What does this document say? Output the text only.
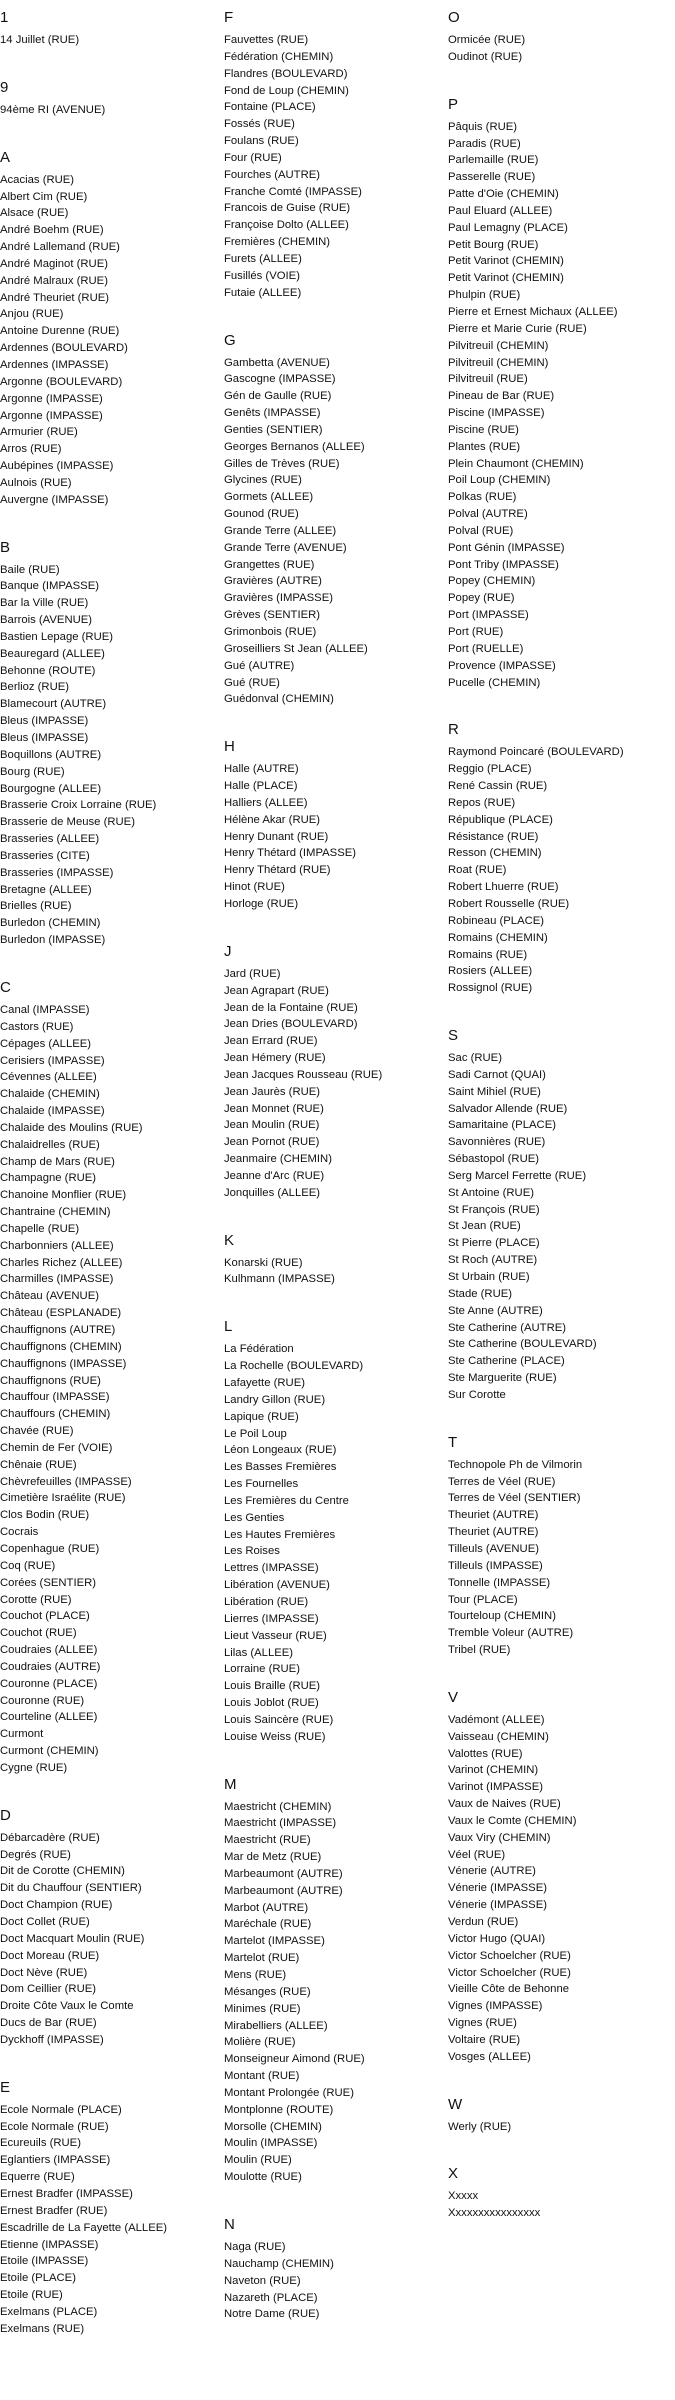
1
14 Juillet (RUE)
9
94ème RI (AVENUE)
A
Acacias (RUE)
Albert Cim (RUE)
Alsace (RUE)
André Boehm (RUE)
André Lallemand (RUE)
André Maginot (RUE)
André Malraux (RUE)
André Theuriet (RUE)
Anjou (RUE)
Antoine Durenne (RUE)
Ardennes (BOULEVARD)
Ardennes (IMPASSE)
Argonne (BOULEVARD)
Argonne (IMPASSE)
Argonne (IMPASSE)
Armurier (RUE)
Arros (RUE)
Aubépines (IMPASSE)
Aulnois (RUE)
Auvergne (IMPASSE)
B
Baile (RUE)
Banque (IMPASSE)
Bar la Ville (RUE)
Barrois (AVENUE)
Bastien Lepage (RUE)
Beauregard (ALLEE)
Behonne (ROUTE)
Berlioz (RUE)
Blamecourt (AUTRE)
Bleus (IMPASSE)
Bleus (IMPASSE)
Boquillons (AUTRE)
Bourg (RUE)
Bourgogne (ALLEE)
Brasserie Croix Lorraine (RUE)
Brasserie de Meuse (RUE)
Brasseries (ALLEE)
Brasseries (CITE)
Brasseries (IMPASSE)
Bretagne (ALLEE)
Brielles (RUE)
Burledon (CHEMIN)
Burledon (IMPASSE)
C
Canal (IMPASSE)
Castors (RUE)
Cépages (ALLEE)
Cerisiers (IMPASSE)
Cévennes (ALLEE)
Chalaide (CHEMIN)
Chalaide (IMPASSE)
Chalaide des Moulins (RUE)
Chalaidrelles (RUE)
Champ de Mars (RUE)
Champagne (RUE)
Chanoine Monflier (RUE)
Chantraine (CHEMIN)
Chapelle (RUE)
Charbonniers (ALLEE)
Charles Richez (ALLEE)
Charmilles (IMPASSE)
Château (AVENUE)
Château (ESPLANADE)
Chauffignons (AUTRE)
Chauffignons (CHEMIN)
Chauffignons (IMPASSE)
Chauffignons (RUE)
Chauffour (IMPASSE)
Chauffours (CHEMIN)
Chavée (RUE)
Chemin de Fer (VOIE)
Chênaie (RUE)
Chèvrefeuilles (IMPASSE)
Cimetière Israélite (RUE)
Clos Bodin (RUE)
Cocrais
Copenhague (RUE)
Coq (RUE)
Corées (SENTIER)
Corotte (RUE)
Couchot (PLACE)
Couchot (RUE)
Coudraies (ALLEE)
Coudraies (AUTRE)
Couronne (PLACE)
Couronne (RUE)
Courteline (ALLEE)
Curmont
Curmont (CHEMIN)
Cygne (RUE)
D
Débarcadère (RUE)
Degrés (RUE)
Dit de Corotte (CHEMIN)
Dit du Chauffour (SENTIER)
Doct Champion (RUE)
Doct Collet (RUE)
Doct Macquart Moulin (RUE)
Doct Moreau (RUE)
Doct Nève (RUE)
Dom Ceillier (RUE)
Droite Côte Vaux le Comte
Ducs de Bar (RUE)
Dyckhoff (IMPASSE)
E
Ecole Normale (PLACE)
Ecole Normale (RUE)
Ecureuils (RUE)
Eglantiers (IMPASSE)
Equerre (RUE)
Ernest Bradfer (IMPASSE)
Ernest Bradfer (RUE)
Escadrille de La Fayette (ALLEE)
Etienne (IMPASSE)
Etoile (IMPASSE)
Etoile (PLACE)
Etoile (RUE)
Exelmans (PLACE)
Exelmans (RUE)
F
Fauvettes (RUE)
Fédération (CHEMIN)
Flandres (BOULEVARD)
Fond de Loup (CHEMIN)
Fontaine (PLACE)
Fossés (RUE)
Foulans (RUE)
Four (RUE)
Fourches (AUTRE)
Franche Comté (IMPASSE)
Francois de Guise (RUE)
Françoise Dolto (ALLEE)
Fremières (CHEMIN)
Furets (ALLEE)
Fusillés (VOIE)
Futaie (ALLEE)
G
Gambetta (AVENUE)
Gascogne (IMPASSE)
Gén de Gaulle (RUE)
Genêts (IMPASSE)
Genties (SENTIER)
Georges Bernanos (ALLEE)
Gilles de Trèves (RUE)
Glycines (RUE)
Gormets (ALLEE)
Gounod (RUE)
Grande Terre (ALLEE)
Grande Terre (AVENUE)
Grangettes (RUE)
Gravières (AUTRE)
Gravières (IMPASSE)
Grèves (SENTIER)
Grimonbois (RUE)
Groseilliers St Jean (ALLEE)
Gué (AUTRE)
Gué (RUE)
Guédonval (CHEMIN)
H
Halle (AUTRE)
Halle (PLACE)
Halliers (ALLEE)
Hélène Akar (RUE)
Henry Dunant (RUE)
Henry Thétard (IMPASSE)
Henry Thétard (RUE)
Hinot (RUE)
Horloge (RUE)
J
Jard (RUE)
Jean Agrapart (RUE)
Jean de la Fontaine (RUE)
Jean Dries (BOULEVARD)
Jean Errard (RUE)
Jean Hémery (RUE)
Jean Jacques Rousseau (RUE)
Jean Jaurès (RUE)
Jean Monnet (RUE)
Jean Moulin (RUE)
Jean Pornot (RUE)
Jeanmaire (CHEMIN)
Jeanne d'Arc (RUE)
Jonquilles (ALLEE)
K
Konarski (RUE)
Kulhmann (IMPASSE)
L
La Fédération
La Rochelle (BOULEVARD)
Lafayette (RUE)
Landry Gillon (RUE)
Lapique (RUE)
Le Poil Loup
Léon Longeaux (RUE)
Les Basses Fremières
Les Fournelles
Les Fremières du Centre
Les Genties
Les Hautes Fremières
Les Roises
Lettres (IMPASSE)
Libération (AVENUE)
Libération (RUE)
Lierres (IMPASSE)
Lieut Vasseur (RUE)
Lilas (ALLEE)
Lorraine (RUE)
Louis Braille (RUE)
Louis Joblot (RUE)
Louis Saincère (RUE)
Louise Weiss (RUE)
M
Maestricht (CHEMIN)
Maestricht (IMPASSE)
Maestricht (RUE)
Mar de Metz (RUE)
Marbeaumont (AUTRE)
Marbeaumont (AUTRE)
Marbot (AUTRE)
Maréchale (RUE)
Martelot (IMPASSE)
Martelot (RUE)
Mens (RUE)
Mésanges (RUE)
Minimes (RUE)
Mirabelliers (ALLEE)
Molière (RUE)
Monseigneur Aimond (RUE)
Montant (RUE)
Montant Prolongée (RUE)
Montplonne (ROUTE)
Morsolle (CHEMIN)
Moulin (IMPASSE)
Moulin (RUE)
Moulotte (RUE)
N
Naga (RUE)
Nauchamp (CHEMIN)
Naveton (RUE)
Nazareth (PLACE)
Notre Dame (RUE)
O
Ormicée (RUE)
Oudinot (RUE)
P
Pâquis (RUE)
Paradis (RUE)
Parlemaille (RUE)
Passerelle (RUE)
Patte d'Oie (CHEMIN)
Paul Eluard (ALLEE)
Paul Lemagny (PLACE)
Petit Bourg (RUE)
Petit Varinot (CHEMIN)
Petit Varinot (CHEMIN)
Phulpin (RUE)
Pierre et Ernest Michaux (ALLEE)
Pierre et Marie Curie (RUE)
Pilvitreuil (CHEMIN)
Pilvitreuil (CHEMIN)
Pilvitreuil (RUE)
Pineau de Bar (RUE)
Piscine (IMPASSE)
Piscine (RUE)
Plantes (RUE)
Plein Chaumont (CHEMIN)
Poil Loup (CHEMIN)
Polkas (RUE)
Polval (AUTRE)
Polval (RUE)
Pont Génin (IMPASSE)
Pont Triby (IMPASSE)
Popey (CHEMIN)
Popey (RUE)
Port (IMPASSE)
Port (RUE)
Port (RUELLE)
Provence (IMPASSE)
Pucelle (CHEMIN)
R
Raymond Poincaré (BOULEVARD)
Reggio (PLACE)
René Cassin (RUE)
Repos (RUE)
République (PLACE)
Résistance (RUE)
Resson (CHEMIN)
Roat (RUE)
Robert Lhuerre (RUE)
Robert Rousselle (RUE)
Robineau (PLACE)
Romains (CHEMIN)
Romains (RUE)
Rosiers (ALLEE)
Rossignol (RUE)
S
Sac (RUE)
Sadi Carnot (QUAI)
Saint Mihiel (RUE)
Salvador Allende (RUE)
Samaritaine (PLACE)
Savonnières (RUE)
Sébastopol (RUE)
Serg Marcel Ferrette (RUE)
St Antoine (RUE)
St François (RUE)
St Jean (RUE)
St Pierre (PLACE)
St Roch (AUTRE)
St Urbain (RUE)
Stade (RUE)
Ste Anne (AUTRE)
Ste Catherine (AUTRE)
Ste Catherine (BOULEVARD)
Ste Catherine (PLACE)
Ste Marguerite (RUE)
Sur Corotte
T
Technopole Ph de Vilmorin
Terres de Véel (RUE)
Terres de Véel (SENTIER)
Theuriet (AUTRE)
Theuriet (AUTRE)
Tilleuls (AVENUE)
Tilleuls (IMPASSE)
Tonnelle (IMPASSE)
Tour (PLACE)
Tourteloup (CHEMIN)
Tremble Voleur (AUTRE)
Tribel (RUE)
V
Vadémont (ALLEE)
Vaisseau (CHEMIN)
Valottes (RUE)
Varinot (CHEMIN)
Varinot (IMPASSE)
Vaux de Naives (RUE)
Vaux le Comte (CHEMIN)
Vaux Viry (CHEMIN)
Véel (RUE)
Vénerie (AUTRE)
Vénerie (IMPASSE)
Vénerie (IMPASSE)
Verdun (RUE)
Victor Hugo (QUAI)
Victor Schoelcher (RUE)
Victor Schoelcher (RUE)
Vieille Côte de Behonne
Vignes (IMPASSE)
Vignes (RUE)
Voltaire (RUE)
Vosges (ALLEE)
W
Werly (RUE)
X
Xxxxx
Xxxxxxxxxxxxxxxx
